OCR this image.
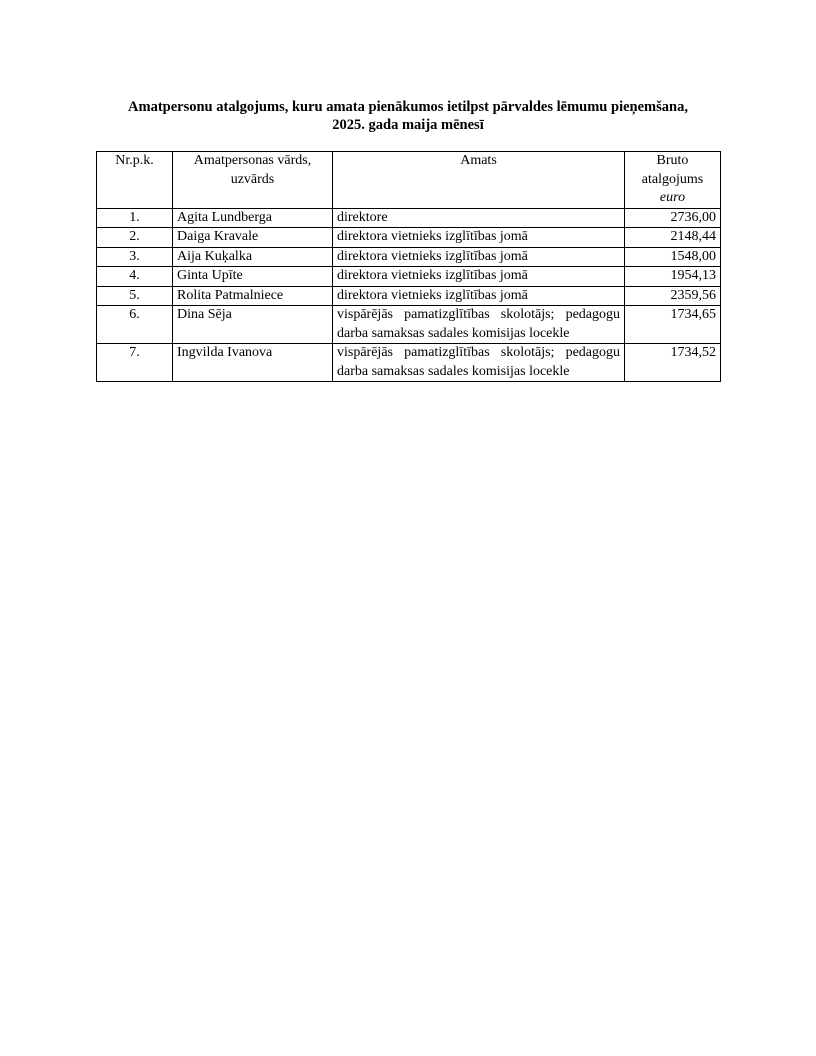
Amatpersonu atalgojums, kuru amata pienākumos ietilpst pārvaldes lēmumu pieņemšana,
2025. gada maija mēnesī
Nr.p.k.	Amatpersonas vārds, uzvārds	Amats	Bruto atalgojums
euro

1.	Agita Lundberga	direktore	2736,00
2.	Daiga Kravale	direktora vietnieks izglītības jomā	2148,44
3.	Aija Kuķalka	direktora vietnieks izglītības jomā	1548,00
4.	Ginta Upīte	direktora vietnieks izglītības jomā	1954,13
5.	Rolita Patmalniece	direktora vietnieks izglītības jomā	2359,56
6.	Dina Sēja	vispārējās pamatizglītības skolotājs; pedagogu darba samaksas sadales komisijas locekle	1734,65
7.	Ingvilda Ivanova	vispārējās pamatizglītības skolotājs; pedagogu darba samaksas sadales komisijas locekle	1734,52
